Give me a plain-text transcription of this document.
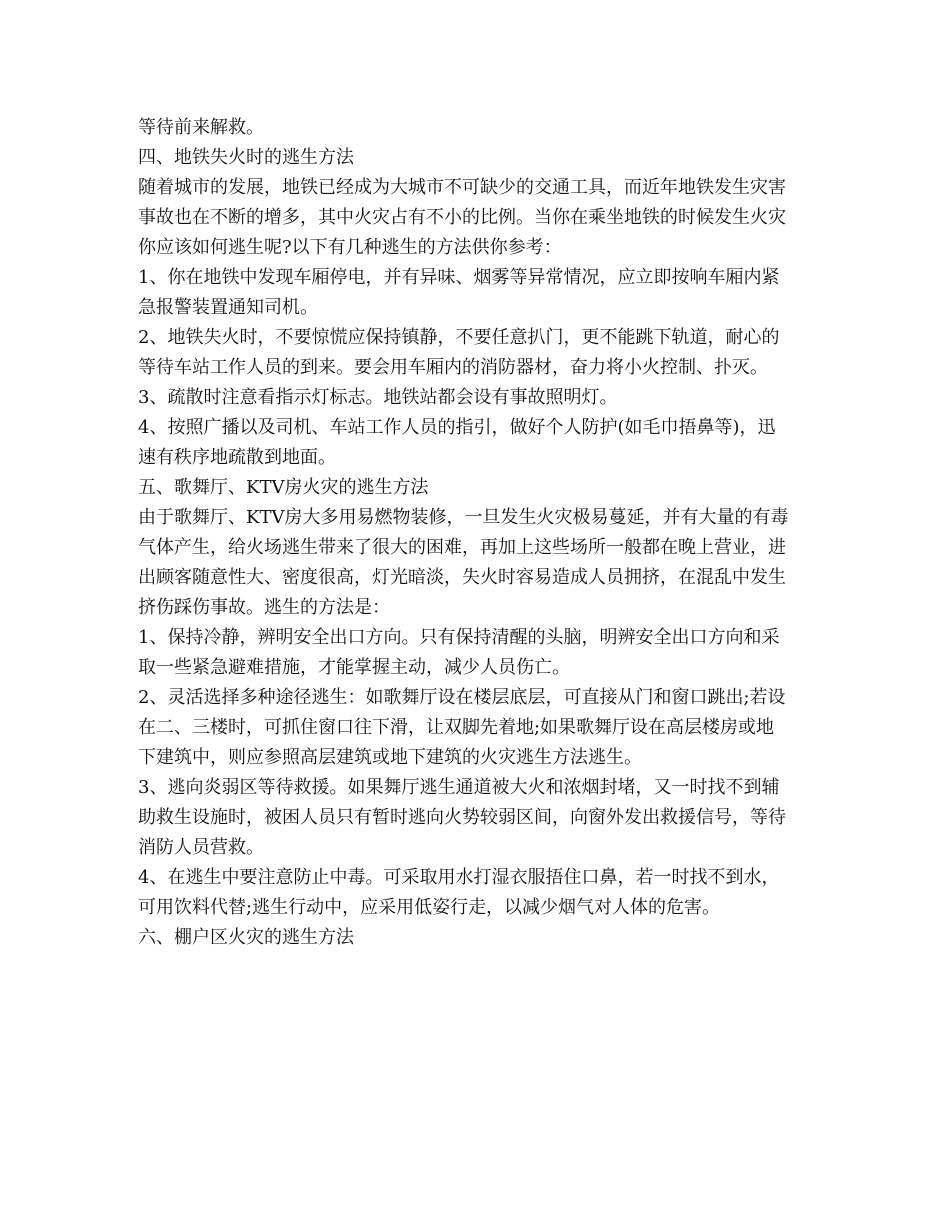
等待前来解救。
四、地铁失火时的逃生方法
随着城市的发展，地铁已经成为大城市不可缺少的交通工具，而近年地铁发生灾害
事故也在不断的增多，其中火灾占有不小的比例。当你在乘坐地铁的时候发生火灾
你应该如何逃生呢?以下有几种逃生的方法供你参考：
1、你在地铁中发现车厢停电，并有异味、烟雾等异常情况，应立即按响车厢内紧
急报警装置通知司机。
2、地铁失火时，不要惊慌应保持镇静，不要任意扒门，更不能跳下轨道，耐心的
等待车站工作人员的到来。要会用车厢内的消防器材，奋力将小火控制、扑灭。
3、疏散时注意看指示灯标志。地铁站都会设有事故照明灯。
4、按照广播以及司机、车站工作人员的指引，做好个人防护(如毛巾捂鼻等)，迅
速有秩序地疏散到地面。
五、歌舞厅、KTV房火灾的逃生方法
由于歌舞厅、KTV房大多用易燃物装修，一旦发生火灾极易蔓延，并有大量的有毒
气体产生，给火场逃生带来了很大的困难，再加上这些场所一般都在晚上营业，进
出顾客随意性大、密度很高，灯光暗淡，失火时容易造成人员拥挤，在混乱中发生
挤伤踩伤事故。逃生的方法是：
1、保持冷静，辨明安全出口方向。只有保持清醒的头脑，明辨安全出口方向和采
取一些紧急避难措施，才能掌握主动，减少人员伤亡。
2、灵活选择多种途径逃生：如歌舞厅设在楼层底层，可直接从门和窗口跳出;若设
在二、三楼时，可抓住窗口往下滑，让双脚先着地;如果歌舞厅设在高层楼房或地
下建筑中，则应参照高层建筑或地下建筑的火灾逃生方法逃生。
3、逃向炎弱区等待救援。如果舞厅逃生通道被大火和浓烟封堵，又一时找不到辅
助救生设施时，被困人员只有暂时逃向火势较弱区间，向窗外发出救援信号，等待
消防人员营救。
4、在逃生中要注意防止中毒。可采取用水打湿衣服捂住口鼻，若一时找不到水，
可用饮料代替;逃生行动中，应采用低姿行走，以减少烟气对人体的危害。
六、棚户区火灾的逃生方法
